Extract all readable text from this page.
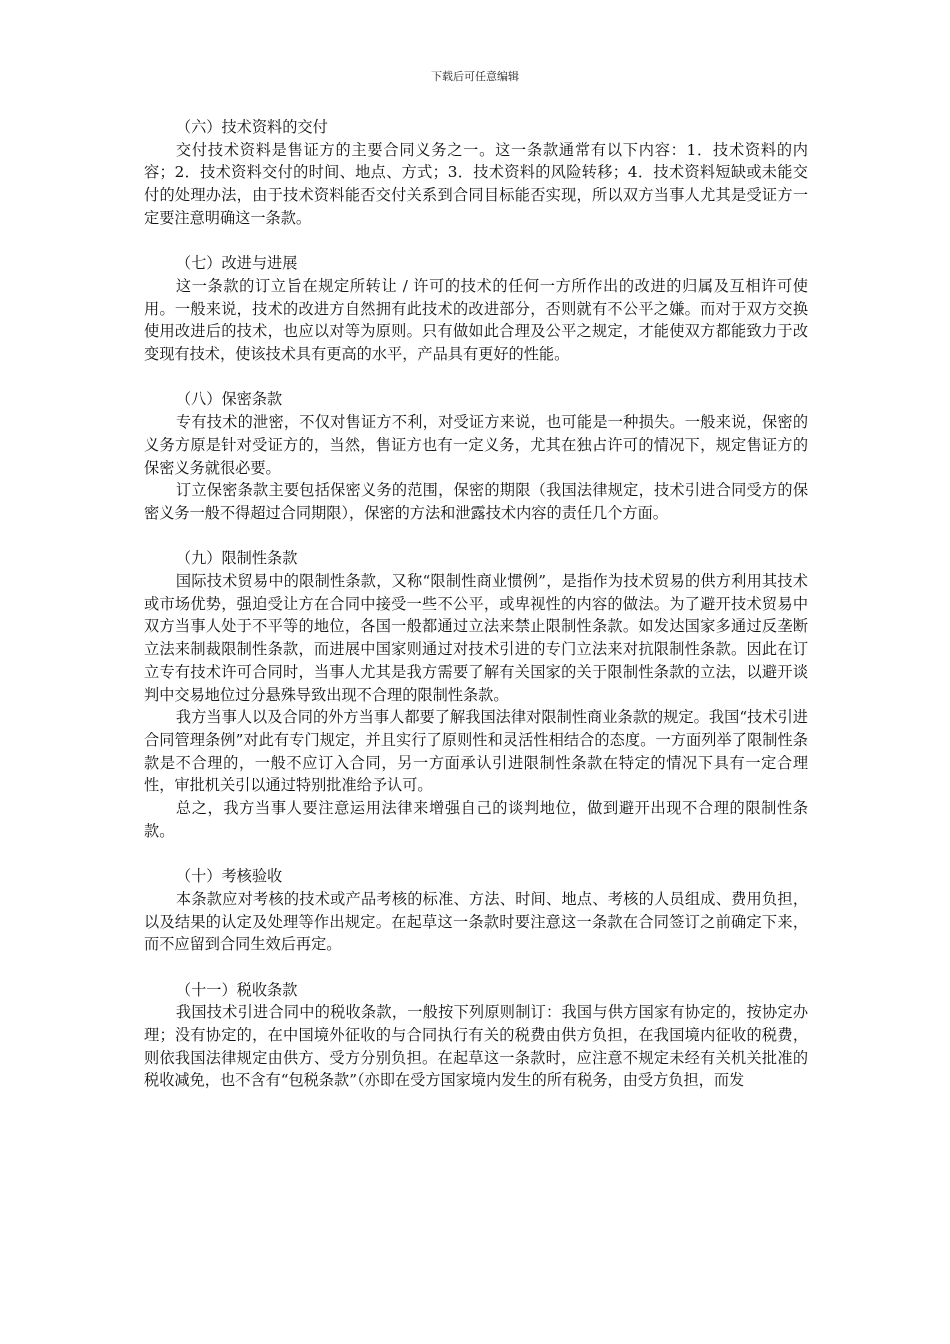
下载后可任意编辑

（六）技术资料的交付

交付技术资料是售证方的主要合同义务之一。这一条款通常有以下内容：1．技术资料的内容；2．技术资料交付的时间、地点、方式；3．技术资料的风险转移；4．技术资料短缺或未能交付的处理办法，由于技术资料能否交付关系到合同目标能否实现，所以双方当事人尤其是受证方一定要注意明确这一条款。

（七）改进与进展

这一条款的订立旨在规定所转让 / 许可的技术的任何一方所作出的改进的归属及互相许可使用。一般来说，技术的改进方自然拥有此技术的改进部分，否则就有不公平之嫌。而对于双方交换使用改进后的技术，也应以对等为原则。只有做如此合理及公平之规定，才能使双方都能致力于改变现有技术，使该技术具有更高的水平，产品具有更好的性能。

（八）保密条款

专有技术的泄密，不仅对售证方不利，对受证方来说，也可能是一种损失。一般来说，保密的义务方原是针对受证方的，当然，售证方也有一定义务，尤其在独占许可的情况下，规定售证方的保密义务就很必要。

订立保密条款主要包括保密义务的范围，保密的期限（我国法律规定，技术引进合同受方的保密义务一般不得超过合同期限），保密的方法和泄露技术内容的责任几个方面。

（九）限制性条款

国际技术贸易中的限制性条款，又称“限制性商业惯例”，是指作为技术贸易的供方利用其技术或市场优势，强迫受让方在合同中接受一些不公平，或卑视性的内容的做法。为了避开技术贸易中双方当事人处于不平等的地位，各国一般都通过立法来禁止限制性条款。如发达国家多通过反垄断立法来制裁限制性条款，而进展中国家则通过对技术引进的专门立法来对抗限制性条款。因此在订立专有技术许可合同时，当事人尤其是我方需要了解有关国家的关于限制性条款的立法，以避开谈判中交易地位过分悬殊导致出现不合理的限制性条款。

我方当事人以及合同的外方当事人都要了解我国法律对限制性商业条款的规定。我国“技术引进合同管理条例”对此有专门规定，并且实行了原则性和灵活性相结合的态度。一方面列举了限制性条款是不合理的，一般不应订入合同，另一方面承认引进限制性条款在特定的情况下具有一定合理性，审批机关引以通过特别批准给予认可。

总之，我方当事人要注意运用法律来增强自己的谈判地位，做到避开出现不合理的限制性条款。

（十）考核验收

本条款应对考核的技术或产品考核的标准、方法、时间、地点、考核的人员组成、费用负担，以及结果的认定及处理等作出规定。在起草这一条款时要注意这一条款在合同签订之前确定下来，而不应留到合同生效后再定。

（十一）税收条款

我国技术引进合同中的税收条款，一般按下列原则制订：我国与供方国家有协定的，按协定办理；没有协定的，在中国境外征收的与合同执行有关的税费由供方负担，在我国境内征收的税费，则依我国法律规定由供方、受方分别负担。在起草这一条款时，应注意不规定未经有关机关批准的税收减免，也不含有“包税条款”（亦即在受方国家境内发生的所有税务，由受方负担，而发
